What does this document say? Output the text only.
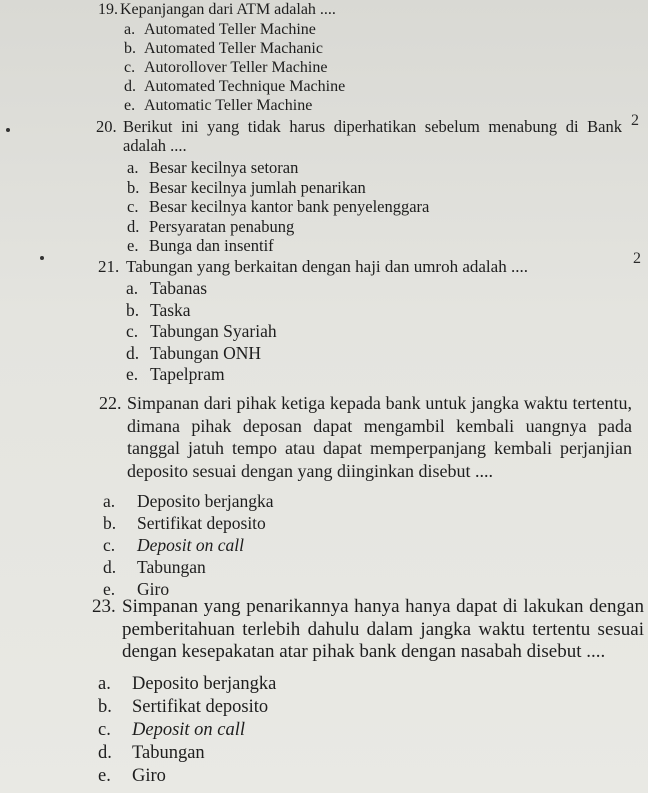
2
2
19. Kepanjangan dari ATM adalah ....
a. Automated Teller Machine
b. Automated Teller Machanic
c. Autorollover Teller Machine
d. Automated Technique Machine
e. Automatic Teller Machine
20. Berikut ini yang tidak harus diperhatikan sebelum menabung di Bank adalah ....
a. Besar kecilnya setoran
b. Besar kecilnya jumlah penarikan
c. Besar kecilnya kantor bank penyelenggara
d. Persyaratan penabung
e. Bunga dan insentif
21. Tabungan yang berkaitan dengan haji dan umroh adalah ....
a. Tabanas
b. Taska
c. Tabungan Syariah
d. Tabungan ONH
e. Tapelpram
22. Simpanan dari pihak ketiga kepada bank untuk jangka waktu tertentu, dimana pihak deposan dapat mengambil kembali uangnya pada tanggal jatuh tempo atau dapat memperpanjang kembali perjanjian deposito sesuai dengan yang diinginkan disebut ....
a.	Deposito berjangka
b.	Sertifikat deposito
c.	Deposit on call
d.	Tabungan
e.	Giro
23. Simpanan yang penarikannya hanya hanya dapat di lakukan dengan pemberitahuan terlebih dahulu dalam jangka waktu tertentu sesuai dengan kesepakatan atar pihak bank dengan nasabah disebut ....
a.	Deposito berjangka
b.	Sertifikat deposito
c.	Deposit on call
d.	Tabungan
e.	Giro
